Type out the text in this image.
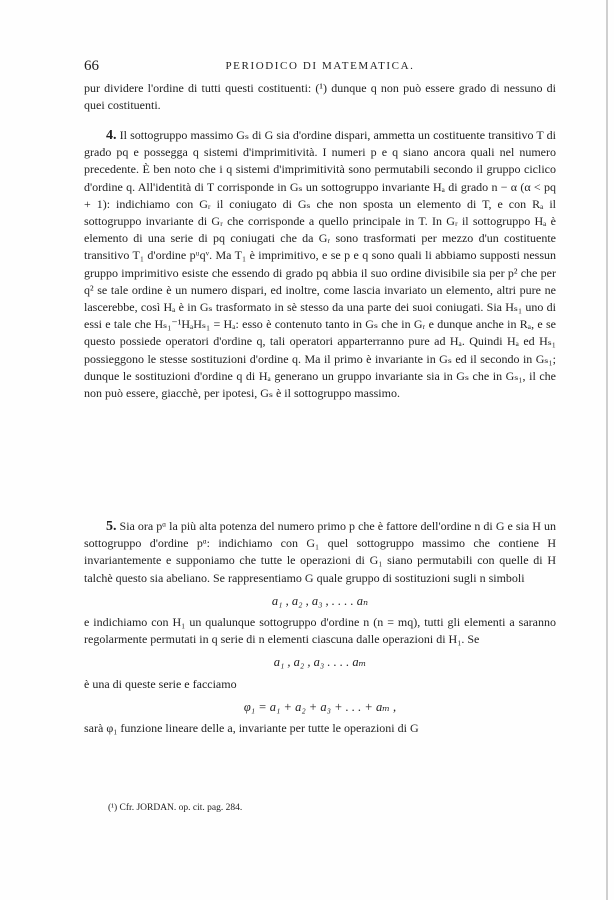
66	PERIODICO DI MATEMATICA.

pur dividere l'ordine di tutti questi costituenti: (¹) dunque q non può essere grado di nessuno di quei costituenti.

4. Il sottogruppo massimo Gₛ di G sia d'ordine dispari, ammetta un costituente transitivo T di grado pq e possegga q sistemi d'imprimitività. I numeri p e q siano ancora quali nel numero precedente. È ben noto che i q sistemi d'imprimitività sono permutabili secondo il gruppo ciclico d'ordine q. All'identità di T corrisponde in Gₛ un sottogruppo invariante Hₐ di grado n − α (α < pq + 1): indichiamo con Gᵣ il coniugato di Gₛ che non sposta un elemento di T, e con Rₐ il sottogruppo invariante di Gᵣ che corrisponde a quello principale in T. In Gᵣ il sottogruppo Hₐ è elemento di una serie di pq coniugati che da Gᵣ sono trasformati per mezzo d'un costituente transitivo T₁ d'ordine pᵘqᵛ. Ma T₁ è imprimitivo, e se p e q sono quali li abbiamo supposti nessun gruppo imprimitivo esiste che essendo di grado pq abbia il suo ordine divisibile sia per p² che per q² se tale ordine è un numero dispari, ed inoltre, come lascia invariato un elemento, altri pure ne lascerebbe, così Hₐ è in Gₛ trasformato in sè stesso da una parte dei suoi coniugati. Sia Hₛ₁ uno di essi e tale che Hₛ₁⁻¹HₐHₛ₁ = Hₐ: esso è contenuto tanto in Gₛ che in Gᵣ e dunque anche in Rₐ, e se questo possiede operatori d'ordine q, tali operatori apparterranno pure ad Hₐ. Quindi Hₐ ed Hₛ₁ possieggono le stesse sostituzioni d'ordine q. Ma il primo è invariante in Gₛ ed il secondo in Gₛ₁; dunque le sostituzioni d'ordine q di Hₐ generano un gruppo invariante sia in Gₛ che in Gₛ₁, il che non può essere, giacchè, per ipotesi, Gₛ è il sottogruppo massimo.

5. Sia ora pᵅ la più alta potenza del numero primo p che è fattore dell'ordine n di G e sia H un sottogruppo d'ordine pᵅ: indichiamo con G₁ quel sottogruppo massimo che contiene H invariantemente e supponiamo che tutte le operazioni di G₁ siano permutabili con quelle di H talchè questo sia abeliano. Se rappresentiamo G quale gruppo di sostituzioni sugli n simboli

a₁ , a₂ , a₃ , . . . . aₙ

e indichiamo con H₁ un qualunque sottogruppo d'ordine n (n = mq), tutti gli elementi a saranno regolarmente permutati in q serie di n elementi ciascuna dalle operazioni di H₁. Se

a₁ , a₂ , a₃ . . . . aₘ

è una di queste serie e facciamo

φ₁ = a₁ + a₂ + a₃ + . . . + aₘ ,

sarà φ₁ funzione lineare delle a, invariante per tutte le operazioni di G

(¹) Cfr. JORDAN. op. cit. pag. 284.
